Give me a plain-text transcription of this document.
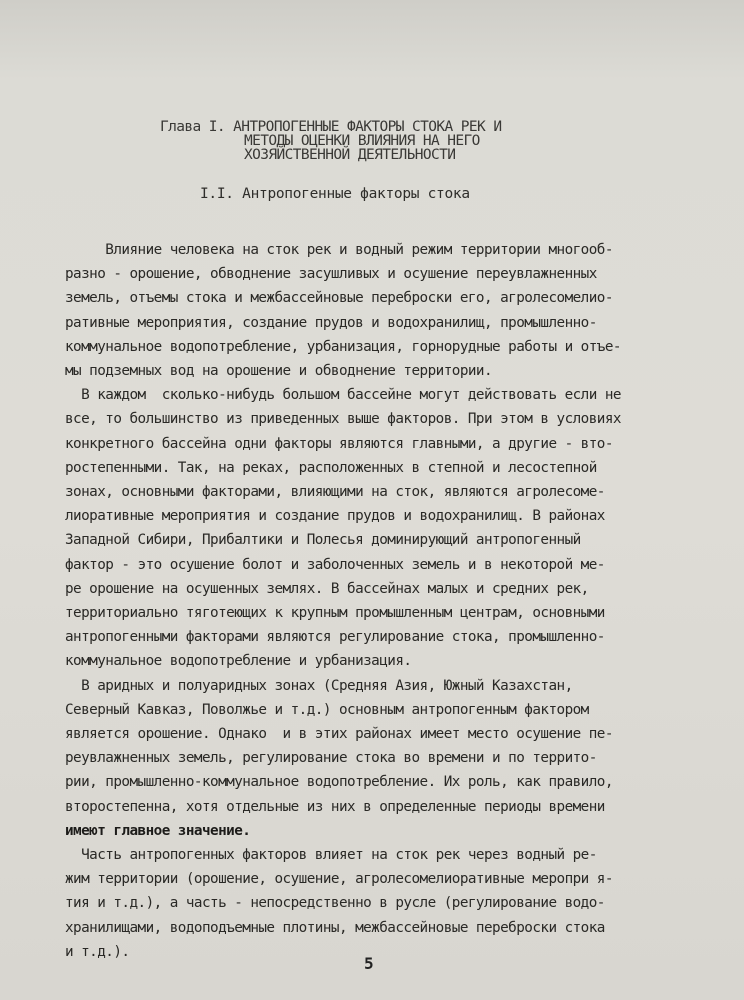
Глава I. АНТРОПОГЕННЫЕ ФАКТОРЫ СТОКА РЕК И
МЕТОДЫ ОЦЕНКИ ВЛИЯНИЯ НА НЕГО
ХОЗЯЙСТВЕННОЙ ДЕЯТЕЛЬНОСТИ
I.I. Антропогенные факторы стока
Влияние человека на сток рек и водный режим территории многооб-
разно - орошение, обводнение засушливых и осушение переувлажненных
земель, отъемы стока и межбассейновые переброски его, агролесомелио-
ративные мероприятия, создание прудов и водохранилищ, промышленно-
коммунальное водопотребление, урбанизация, горнорудные работы и отъе-
мы подземных вод на орошение и обводнение территории.
В каждом  сколько-нибудь большом бассейне могут действовать если не
все, то большинство из приведенных выше факторов. При этом в условиях
конкретного бассейна одни факторы являются главными, а другие - вто-
ростепенными. Так, на реках, расположенных в степной и лесостепной
зонах, основными факторами, влияющими на сток, являются агролесоме-
лиоративные мероприятия и создание прудов и водохранилищ. В районах
Западной Сибири, Прибалтики и Полесья доминирующий антропогенный
фактор - это осушение болот и заболоченных земель и в некоторой ме-
ре орошение на осушенных землях. В бассейнах малых и средних рек,
территориально тяготеющих к крупным промышленным центрам, основными
антропогенными факторами являются регулирование стока, промышленно-
коммунальное водопотребление и урбанизация.
В аридных и полуаридных зонах (Средняя Азия, Южный Казахстан,
Северный Кавказ, Поволжье и т.д.) основным антропогенным фактором
является орошение. Однако  и в этих районах имеет место осушение пе-
реувлажненных земель, регулирование стока во времени и по террито-
рии, промышленно-коммунальное водопотребление. Их роль, как правило,
второстепенна, хотя отдельные из них в определенные периоды времени
имеют главное значение.
Часть антропогенных факторов влияет на сток рек через водный ре-
жим территории (орошение, осушение, агролесомелиоративные меропри я-
тия и т.д.), а часть - непосредственно в русле (регулирование водо-
хранилищами, водоподъемные плотины, межбассейновые переброски стока
и т.д.).
5
